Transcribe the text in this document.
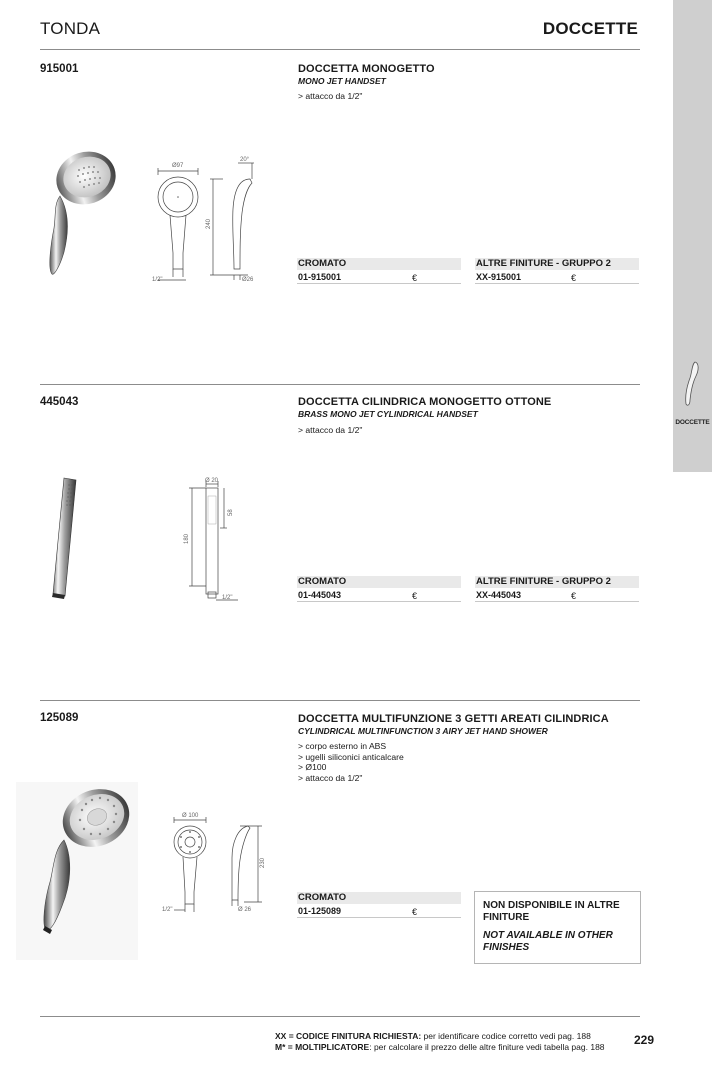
DOCCETTE
TONDA	DOCCETTE
915001	DOCCETTA MONOGETTO
MONO JET HANDSET
> attacco da 1/2"
Ø97
240
20°
1/2"	Ø26
CROMATO
01-915001	€
ALTRE FINITURE - GRUPPO 2
XX-915001	€
445043	DOCCETTA CILINDRICA MONOGETTO OTTONE
BRASS MONO JET CYLINDRICAL HANDSET
> attacco da 1/2"
Ø 20
180
58
1/2"
CROMATO
01-445043	€
ALTRE FINITURE - GRUPPO 2
XX-445043	€
125089	DOCCETTA MULTIFUNZIONE 3 GETTI AREATI CILINDRICA
CYLINDRICAL MULTINFUNCTION 3 AIRY JET HAND SHOWER
> corpo esterno in ABS
> ugelli siliconici anticalcare
> Ø100
> attacco da 1/2"
Ø 100
230
1/2"	Ø 26
CROMATO
01-125089	€
NON DISPONIBILE IN ALTRE FINITURE
NOT AVAILABLE IN OTHER FINISHES
XX = CODICE FINITURA RICHIESTA: per identificare codice corretto vedi pag. 188
M* = MOLTIPLICATORE: per calcolare il prezzo delle altre finiture vedi tabella pag. 188 229
